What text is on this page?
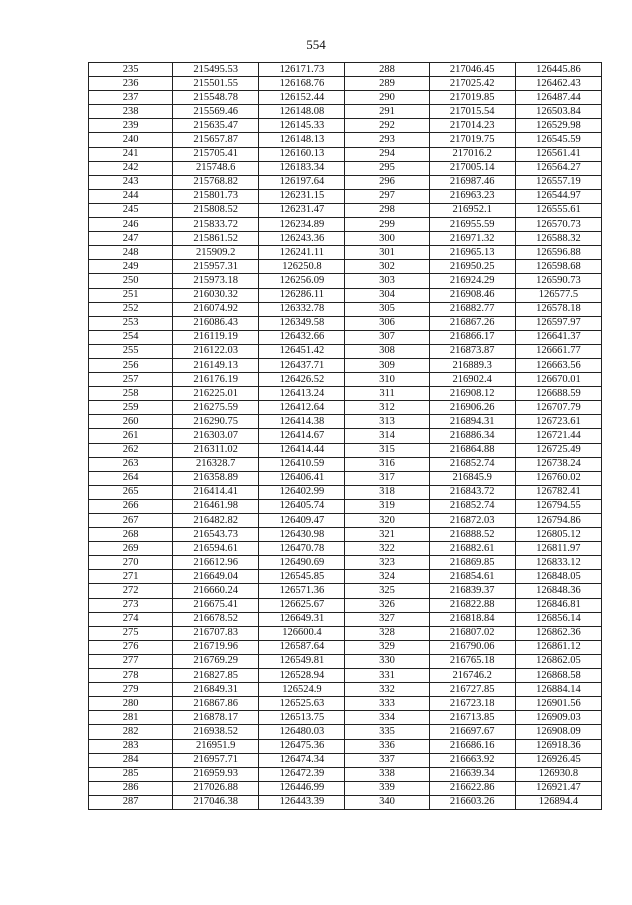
554
235	215495.53	126171.73	288	217046.45	126445.86
236	215501.55	126168.76	289	217025.42	126462.43
237	215548.78	126152.44	290	217019.85	126487.44
238	215569.46	126148.08	291	217015.54	126503.84
239	215635.47	126145.33	292	217014.23	126529.98
240	215657.87	126148.13	293	217019.75	126545.59
241	215705.41	126160.13	294	217016.2	126561.41
242	215748.6	126183.34	295	217005.14	126564.27
243	215768.82	126197.64	296	216987.46	126557.19
244	215801.73	126231.15	297	216963.23	126544.97
245	215808.52	126231.47	298	216952.1	126555.61
246	215833.72	126234.89	299	216955.59	126570.73
247	215861.52	126243.36	300	216971.32	126588.32
248	215909.2	126241.11	301	216965.13	126596.88
249	215957.31	126250.8	302	216950.25	126598.68
250	215973.18	126256.09	303	216924.29	126590.73
251	216030.32	126286.11	304	216908.46	126577.5
252	216074.92	126332.78	305	216882.77	126578.18
253	216086.43	126349.58	306	216867.26	126597.97
254	216119.19	126432.66	307	216866.17	126641.37
255	216122.03	126451.42	308	216873.87	126661.77
256	216149.13	126437.71	309	216889.3	126663.56
257	216176.19	126426.52	310	216902.4	126670.01
258	216225.01	126413.24	311	216908.12	126688.59
259	216275.59	126412.64	312	216906.26	126707.79
260	216290.75	126414.38	313	216894.31	126723.61
261	216303.07	126414.67	314	216886.34	126721.44
262	216311.02	126414.44	315	216864.88	126725.49
263	216328.7	126410.59	316	216852.74	126738.24
264	216358.89	126406.41	317	216845.9	126760.02
265	216414.41	126402.99	318	216843.72	126782.41
266	216461.98	126405.74	319	216852.74	126794.55
267	216482.82	126409.47	320	216872.03	126794.86
268	216543.73	126430.98	321	216888.52	126805.12
269	216594.61	126470.78	322	216882.61	126811.97
270	216612.96	126490.69	323	216869.85	126833.12
271	216649.04	126545.85	324	216854.61	126848.05
272	216660.24	126571.36	325	216839.37	126848.36
273	216675.41	126625.67	326	216822.88	126846.81
274	216678.52	126649.31	327	216818.84	126856.14
275	216707.83	126600.4	328	216807.02	126862.36
276	216719.96	126587.64	329	216790.06	126861.12
277	216769.29	126549.81	330	216765.18	126862.05
278	216827.85	126528.94	331	216746.2	126868.58
279	216849.31	126524.9	332	216727.85	126884.14
280	216867.86	126525.63	333	216723.18	126901.56
281	216878.17	126513.75	334	216713.85	126909.03
282	216938.52	126480.03	335	216697.67	126908.09
283	216951.9	126475.36	336	216686.16	126918.36
284	216957.71	126474.34	337	216663.92	126926.45
285	216959.93	126472.39	338	216639.34	126930.8
286	217026.88	126446.99	339	216622.86	126921.47
287	217046.38	126443.39	340	216603.26	126894.4
